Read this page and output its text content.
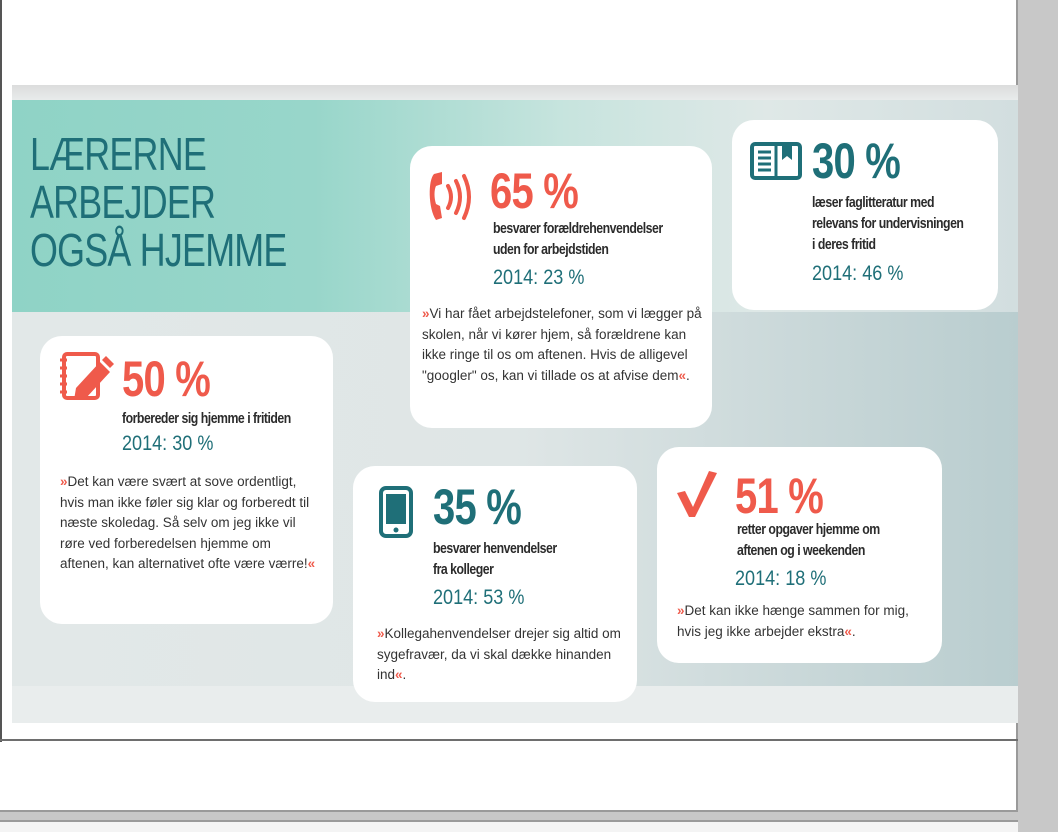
LÆRERNE
ARBEJDER
OGSÅ HJEMME
65 %
besvarer forældrehenvendelser
uden for arbejdstiden
2014: 23 %
»Vi har fået arbejdstelefoner, som vi lægger på skolen, når vi kører hjem, så forældrene kan ikke ringe til os om aftenen. Hvis de alligevel "googler" os, kan vi tillade os at afvise dem«.
30 %
læser faglitteratur med
relevans for undervisningen
i deres fritid
2014: 46 %
50 %
forbereder sig hjemme i fritiden
2014: 30 %
»Det kan være svært at sove ordentligt, hvis man ikke føler sig klar og forberedt til næste skoledag. Så selv om jeg ikke vil røre ved forberedelsen hjemme om aftenen, kan alternativet ofte være værre!«
35 %
besvarer henvendelser
fra kolleger
2014: 53 %
»Kollegahenvendelser drejer sig altid om sygefravær, da vi skal dække hinanden ind«.
51 %
retter opgaver hjemme om
aftenen og i weekenden
2014: 18 %
»Det kan ikke hænge sammen for mig, hvis jeg ikke arbejder ekstra«.
